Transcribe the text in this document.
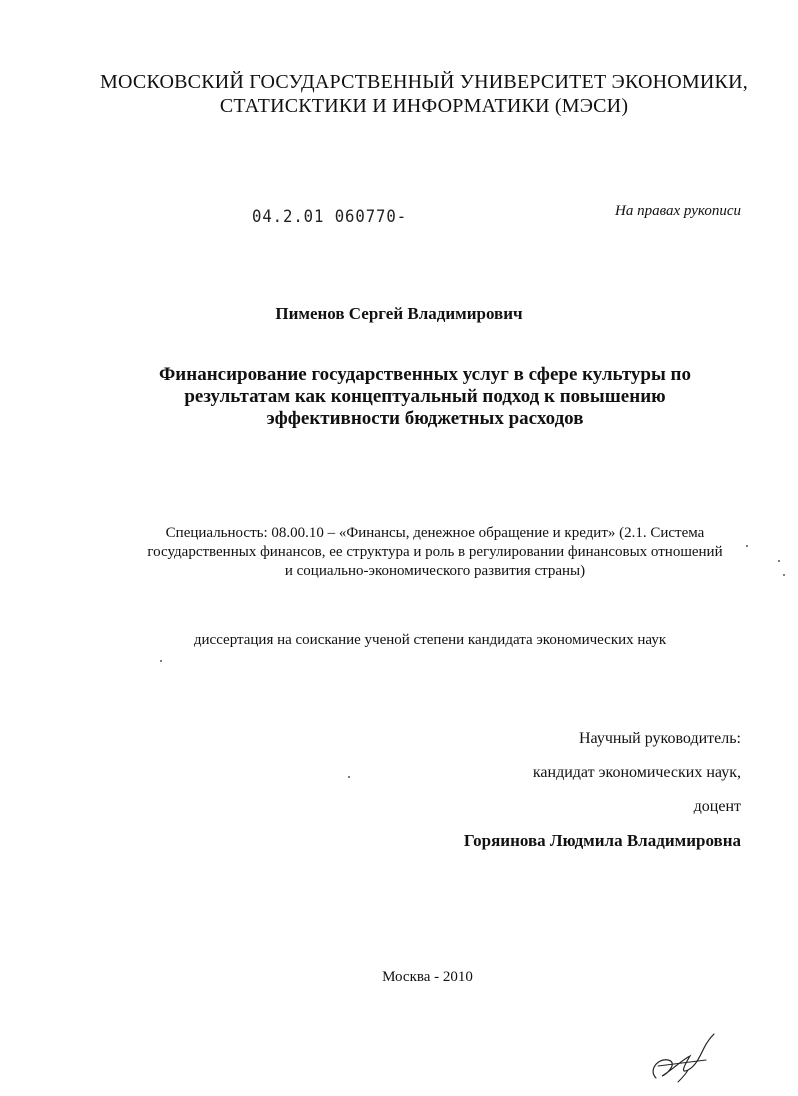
МОСКОВСКИЙ ГОСУДАРСТВЕННЫЙ УНИВЕРСИТЕТ ЭКОНОМИКИ,
СТАТИСКТИКИ И ИНФОРМАТИКИ (МЭСИ)
04.2.01 060770-	На правах рукописи
Пименов Сергей Владимирович
Финансирование государственных услуг в сфере культуры по
результатам как концептуальный подход к повышению
эффективности бюджетных расходов
Специальность: 08.00.10 – «Финансы, денежное обращение и кредит» (2.1. Система
государственных финансов, ее структура и роль в регулировании финансовых отношений
и социально-экономического развития страны)
диссертация на соискание ученой степени кандидата экономических наук
Научный руководитель:
кандидат экономических наук,
доцент
Горяинова Людмила Владимировна
Москва - 2010
